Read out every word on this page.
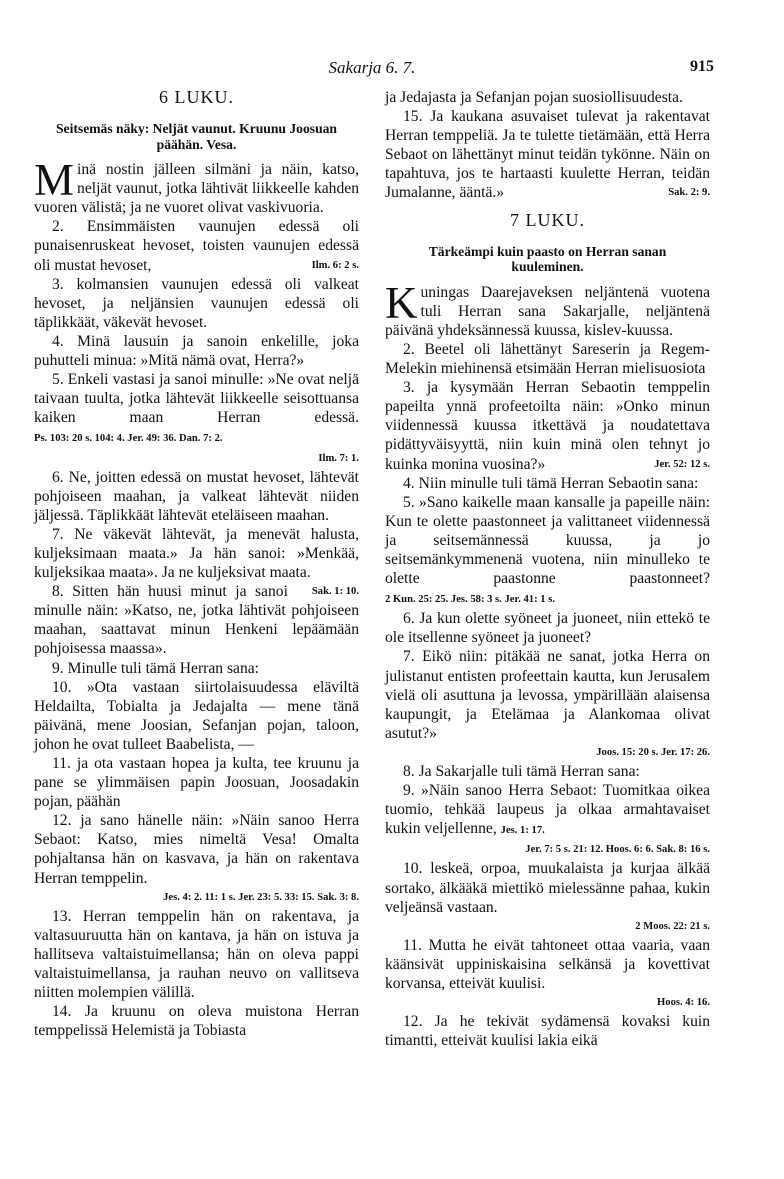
Sakarja 6. 7.	915
6 LUKU.
Seitsemäs näky: Neljät vaunut. Kruunu Joosuan päähän. Vesa.

Minä nostin jälleen silmäni ja näin, katso, neljät vaunut, jotka lähtivät liikkeelle kahden vuoren välistä; ja ne vuoret olivat vaskivuoria.

2. Ensimmäisten vaunujen edessä oli punaisenruskeat hevoset, toisten vaunujen edessä oli mustat hevoset,	Ilm. 6: 2 s.

3. kolmansien vaunujen edessä oli valkeat hevoset, ja neljänsien vaunujen edessä oli täplikkäät, väkevät hevoset.

4. Minä lausuin ja sanoin enkelille, joka puhutteli minua: »Mitä nämä ovat, Herra?»

5. Enkeli vastasi ja sanoi minulle: »Ne ovat neljä taivaan tuulta, jotka lähtevät liikkeelle seisottuansa kaiken maan Herran edessä. Ps. 103: 20 s. 104: 4. Jer. 49: 36. Dan. 7: 2.
Ilm. 7: 1.

6. Ne, joitten edessä on mustat hevoset, lähtevät pohjoiseen maahan, ja valkeat lähtevät niiden jäljessä. Täplikkäät lähtevät eteläiseen maahan.

7. Ne väkevät lähtevät, ja menevät halusta, kuljeksimaan maata.» Ja hän sanoi: »Menkää, kuljeksikaa maata». Ja ne kuljeksivat maata.
Sak. 1: 10.

8. Sitten hän huusi minut ja sanoi minulle näin: »Katso, ne, jotka lähtivät pohjoiseen maahan, saattavat minun Henkeni lepäämään pohjoisessa maassa».

9. Minulle tuli tämä Herran sana:

10. »Ota vastaan siirtolaisuudessa eläviltä Heldailta, Tobialta ja Jedajalta — mene tänä päivänä, mene Joosian, Sefanjan pojan, taloon, johon he ovat tulleet Baabelista, —

11. ja ota vastaan hopea ja kulta, tee kruunu ja pane se ylimmäisen papin Joosuan, Joosadakin pojan, päähän

12. ja sano hänelle näin: »Näin sanoo Herra Sebaot: Katso, mies nimeltä Vesa! Omalta pohjaltansa hän on kasvava, ja hän on rakentava Herran temppelin.
Jes. 4: 2. 11: 1 s. Jer. 23: 5. 33: 15. Sak. 3: 8.

13. Herran temppelin hän on rakentava, ja valtasuuruutta hän on kantava, ja hän on istuva ja hallitseva valtaistuimellansa; hän on oleva pappi valtaistuimellansa, ja rauhan neuvo on vallitseva niitten molempien välillä.

14. Ja kruunu on oleva muistona Herran temppelissä Helemistä ja Tobiasta

ja Jedajasta ja Sefanjan pojan suosiollisuudesta.

15. Ja kaukana asuvaiset tulevat ja rakentavat Herran temppeliä. Ja te tulette tietämään, että Herra Sebaot on lähettänyt minut teidän tykönne. Näin on tapahtuva, jos te hartaasti kuulette Herran, teidän Jumalanne, ääntä.»	Sak. 2: 9.

7 LUKU.
Tärkeämpi kuin paasto on Herran sanan kuuleminen.

Kuningas Daarejaveksen neljäntenä vuotena tuli Herran sana Sakarjalle, neljäntenä päivänä yhdeksännessä kuussa, kislev-kuussa.

2. Beetel oli lähettänyt Sareserin ja Regem-Melekin miehinensä etsimään Herran mielisuosiota

3. ja kysymään Herran Sebaotin temppelin papeilta ynnä profeetoilta näin: »Onko minun viidennessä kuussa itkettävä ja noudatettava pidättyväisyyttä, niin kuin minä olen tehnyt jo kuinka monina vuosina?»	Jer. 52: 12 s.

4. Niin minulle tuli tämä Herran Sebaotin sana:

5. »Sano kaikelle maan kansalle ja papeille näin: Kun te olette paastonneet ja valittaneet viidennessä ja seitsemännessä kuussa, ja jo seitsemänkymmenenä vuotena, niin minulleko te olette paastonne paastonneet? 2 Kun. 25: 25. Jes. 58: 3 s. Jer. 41: 1 s.

6. Ja kun olette syöneet ja juoneet, niin ettekö te ole itsellenne syöneet ja juoneet?

7. Eikö niin: pitäkää ne sanat, jotka Herra on julistanut entisten profeettain kautta, kun Jerusalem vielä oli asuttuna ja levossa, ympärillään alaisensa kaupungit, ja Etelämaa ja Alankomaa olivat asutut?»
Joos. 15: 20 s. Jer. 17: 26.

8. Ja Sakarjalle tuli tämä Herran sana:

9. »Näin sanoo Herra Sebaot: Tuomitkaa oikea tuomio, tehkää laupeus ja olkaa armahtavaiset kukin veljellenne, Jes. 1: 17.
Jer. 7: 5 s. 21: 12. Hoos. 6: 6. Sak. 8: 16 s.

10. leskeä, orpoa, muukalaista ja kurjaa älkää sortako, älkääkä miettikö mielessänne pahaa, kukin veljeänsä vastaan.
2 Moos. 22: 21 s.

11. Mutta he eivät tahtoneet ottaa vaaria, vaan käänsivät uppiniskaisina selkänsä ja kovettivat korvansa, etteivät kuulisi.
Hoos. 4: 16.

12. Ja he tekivät sydämensä kovaksi kuin timantti, etteivät kuulisi lakia eikä
